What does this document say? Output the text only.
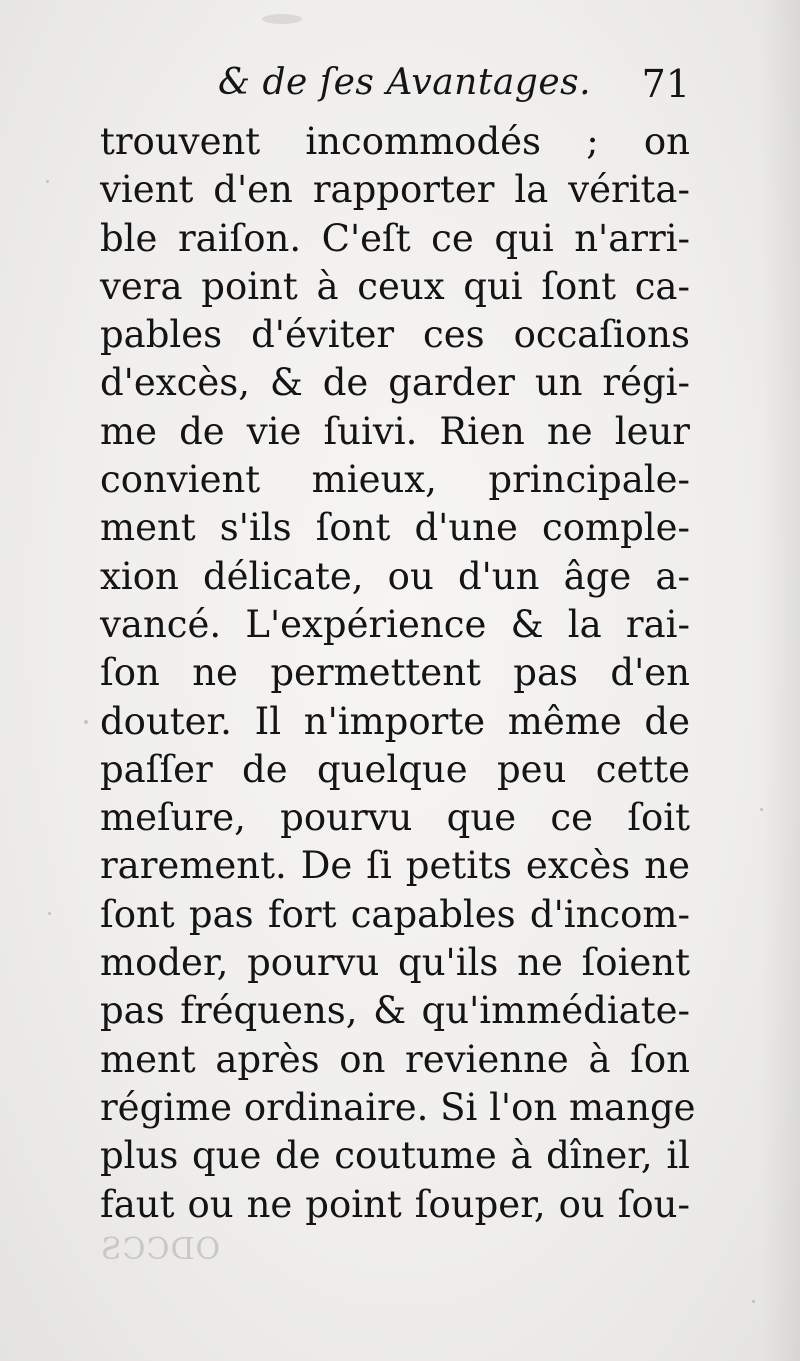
& de ſes Avantages. 71
trouvent incommodés ; on
vient d'en rapporter la vérita-
ble raiſon. C'eſt ce qui n'arri-
vera point à ceux qui ſont ca-
pables d'éviter ces occaſions
d'excès, & de garder un régi-
me de vie ſuivi. Rien ne leur
convient mieux, principale-
ment s'ils ſont d'une comple-
xion délicate, ou d'un âge a-
vancé. L'expérience & la rai-
ſon ne permettent pas d'en
douter. Il n'importe même de
paſſer de quelque peu cette
meſure, pourvu que ce ſoit
rarement. De ſi petits excès ne
ſont pas fort capables d'incom-
moder, pourvu qu'ils ne ſoient
pas fréquens, & qu'immédiate-
ment après on revienne à ſon
régime ordinaire. Si l'on mange
plus que de coutume à dîner, il
faut ou ne point ſouper, ou ſou-
ODCCS
